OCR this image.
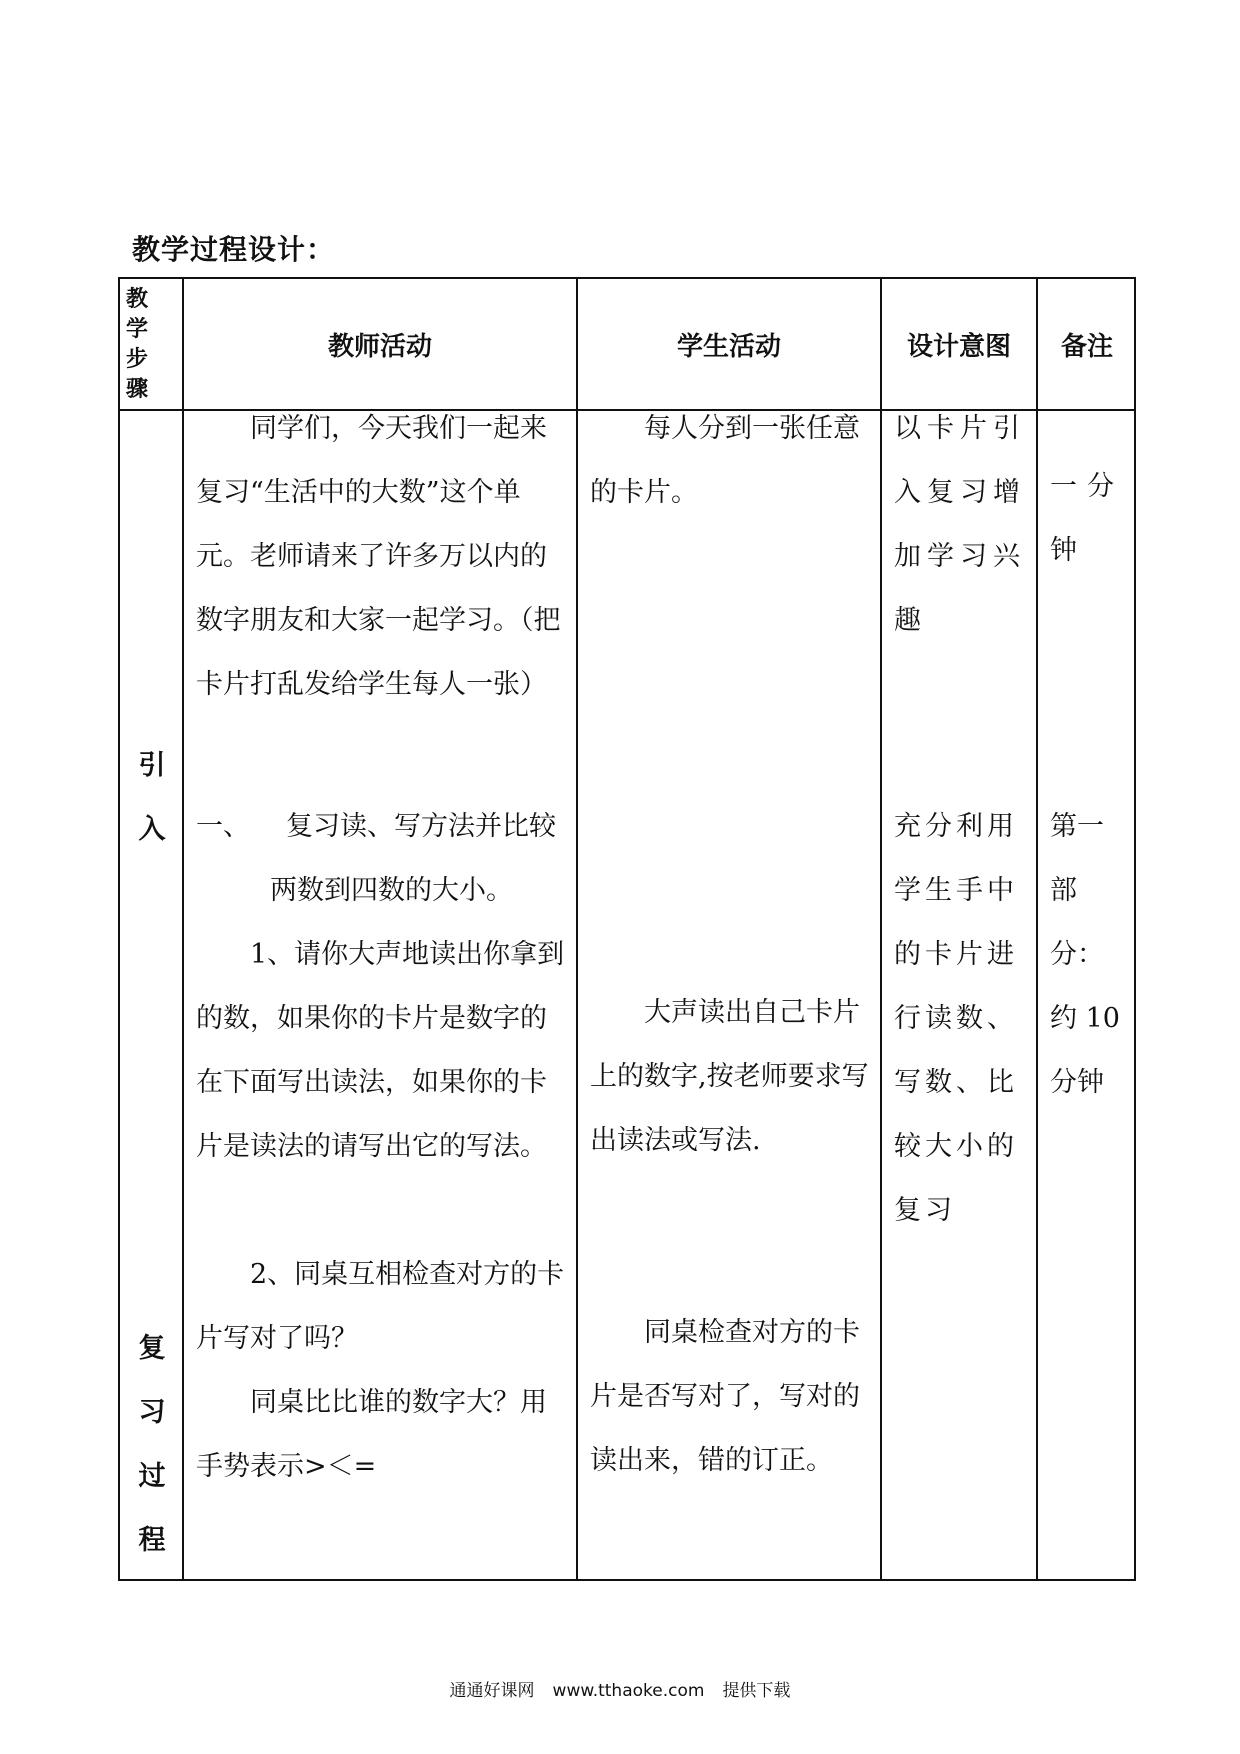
教学过程设计：
教
学
步
骤
教师活动	学生活动	设计意图 备注
引
入
复
习
过
程

同学们，今天我们一起来复习“生活中的大数”这个单元。老师请来了许多万以内的数字朋友和大家一起学习。（把卡片打乱发给学生每人一张）

一、 复习读、写方法并比较

两数到四数的大小。

1、请你大声地读出你拿到的数，如果你的卡片是数字的在下面写出读法，如果你的卡片是读法的请写出它的写法。

2、同桌互相检查对方的卡片写对了吗？

同桌比比谁的数字大？用手势表示>＜=

每人分到一张任意的卡片。

大声读出自己卡片上的数字,按老师要求写出读法或写法.

同桌检查对方的卡片是否写对了，写对的读出来，错的订正。

以卡片引入复习增加学习兴趣

充分利用学生手中的卡片进行读数、写数、比较大小的复习

一分钟

第一部分：约 10 分钟

通通好课网 www.tthaoke.com 提供下载
